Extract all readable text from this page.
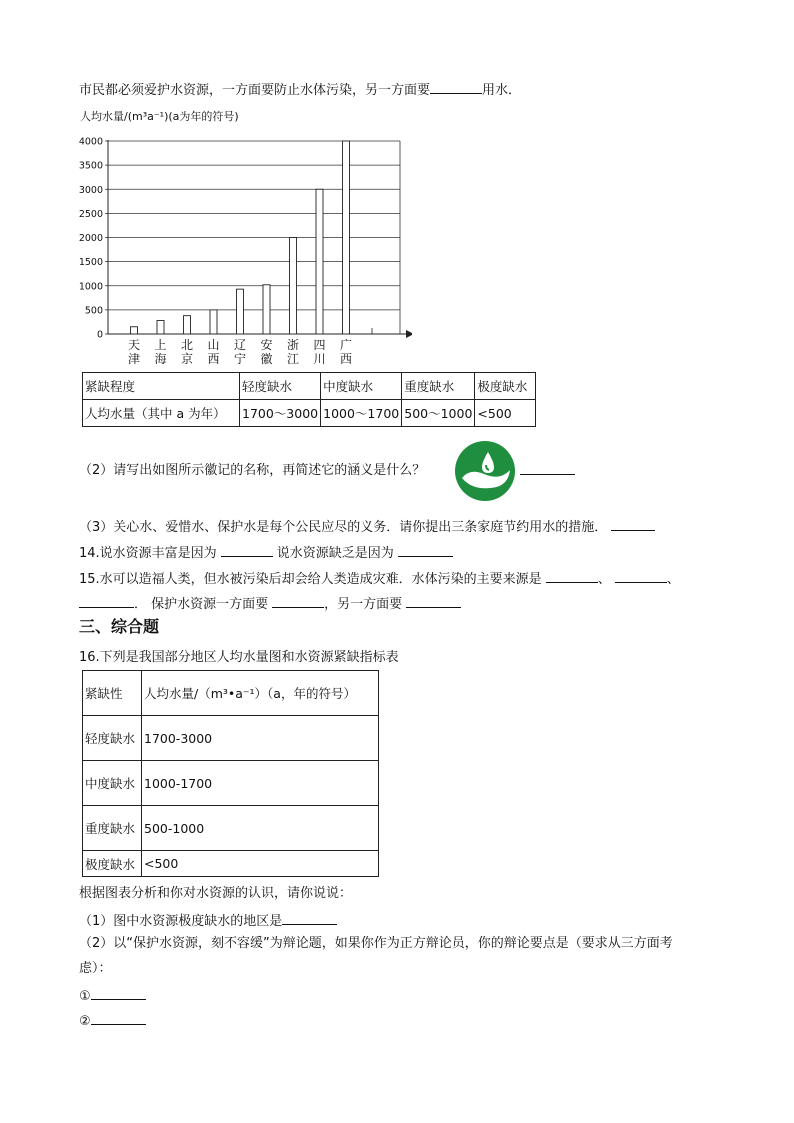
市民都必须爱护水资源，一方面要防止水体污染，另一方面要	用水．
人均水量/(m³a⁻¹)(a为年的符号)
0
500
1000
1500
2000
2500
3000
3500
4000
天津
上海
北京
山西
辽宁
安徽
浙江
四川
广西
紧缺程度	轻度缺水	中度缺水	重度缺水	极度缺水
人均水量（其中 a 为年）	1700～3000	1000～1700	500～1000	<500
（2）请写出如图所示徽记的名称，再简述它的涵义是什么？
（3）关心水、爱惜水、保护水是每个公民应尽的义务．请你提出三条家庭节约用水的措施．
14.说水资源丰富是因为	说水资源缺乏是因为
15.水可以造福人类，但水被污染后却会给人类造成灾难．水体污染的主要来源是	、	、
． 保护水资源一方面要	，另一方面要
三、综合题
16.下列是我国部分地区人均水量图和水资源紧缺指标表
紧缺性	人均水量/（m³•a⁻¹）（a，年的符号）
轻度缺水	1700-3000
中度缺水	1000-1700
重度缺水	500-1000
极度缺水	<500
根据图表分析和你对水资源的认识，请你说说：
（1）图中水资源极度缺水的地区是
（2）以“保护水资源，刻不容缓”为辩论题，如果你作为正方辩论员，你的辩论要点是（要求从三方面考
虑）：
①
②
